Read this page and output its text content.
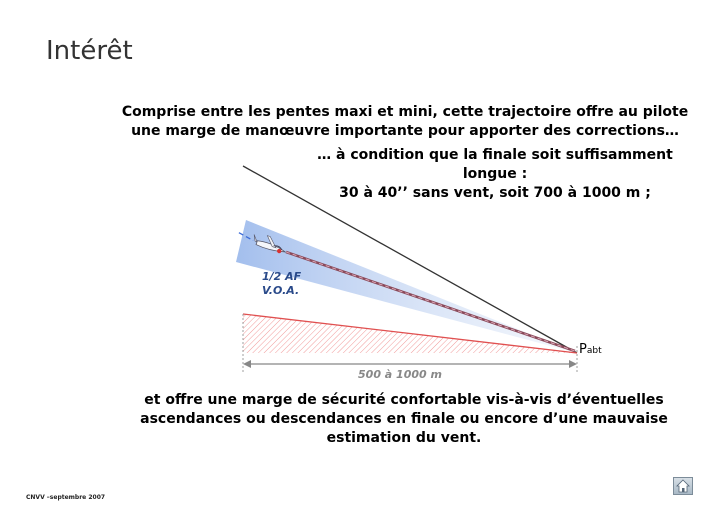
Intérêt
Comprise entre les pentes maxi et mini, cette trajectoire offre au pilote une marge de manœuvre importante pour apporter des corrections…
… à condition que la finale soit suffisamment longue :
30 à 40’’ sans vent, soit 700 à 1000 m ;
1/2 AF
V.O.A.
Pabt
500 à 1000 m
et offre une marge de sécurité confortable vis-à-vis d’éventuelles ascendances ou descendances en finale ou encore d’une mauvaise estimation du vent.
CNVV –septembre 2007
